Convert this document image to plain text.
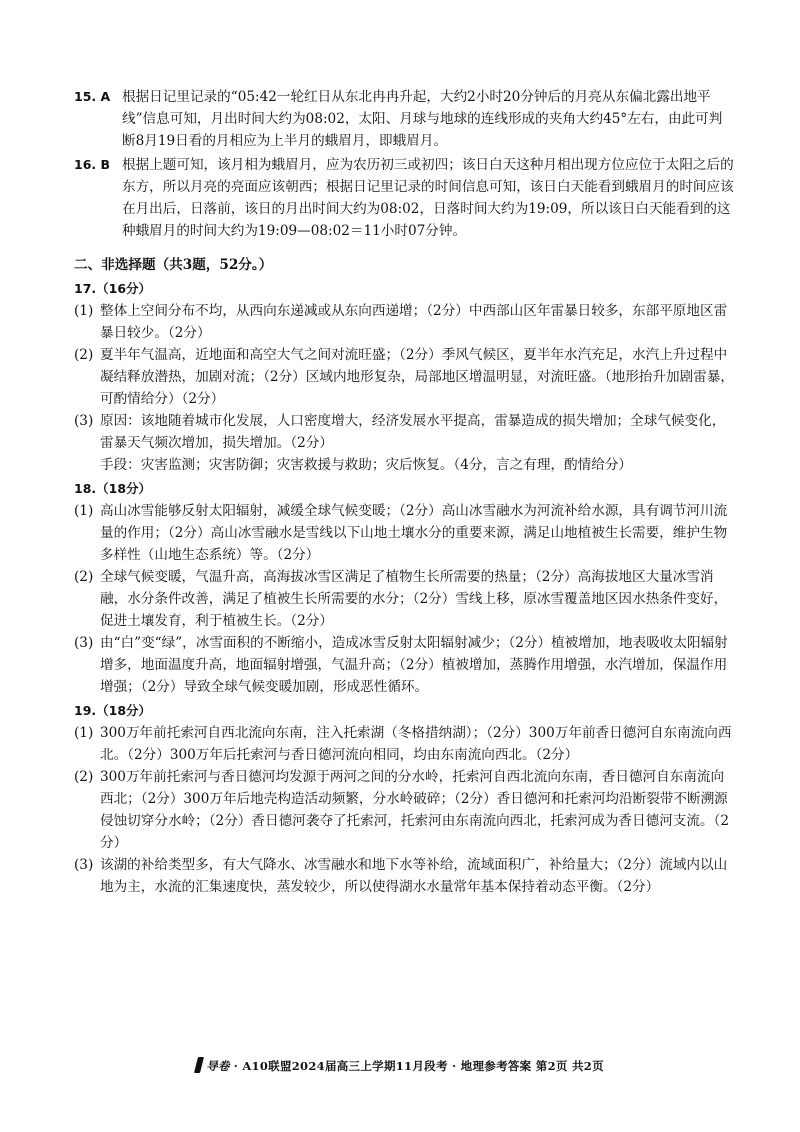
15. A 根据日记里记录的“05:42一轮红日从东北冉冉升起，大约2小时20分钟后的月亮从东偏北露出地平线”信息可知，月出时间大约为08:02，太阳、月球与地球的连线形成的夹角大约45°左右，由此可判断8月19日看的月相应为上半月的蛾眉月，即蛾眉月。
16. B 根据上题可知，该月相为蛾眉月，应为农历初三或初四；该日白天这种月相出现方位应位于太阳之后的东方，所以月亮的亮面应该朝西；根据日记里记录的时间信息可知，该日白天能看到蛾眉月的时间应该在月出后，日落前，该日的月出时间大约为08:02，日落时间大约为19:09，所以该日白天能看到的这种蛾眉月的时间大约为19:09—08:02＝11小时07分钟。
二、非选择题（共3题，52分。）
17.（16分）
(1) 整体上空间分布不均，从西向东递减或从东向西递增；（2分）中西部山区年雷暴日较多，东部平原地区雷暴日较少。（2分）
(2) 夏半年气温高，近地面和高空大气之间对流旺盛；（2分）季风气候区，夏半年水汽充足，水汽上升过程中凝结释放潜热，加剧对流；（2分）区域内地形复杂，局部地区增温明显，对流旺盛。（地形抬升加剧雷暴，可酌情给分）（2分）
(3) 原因：该地随着城市化发展，人口密度增大，经济发展水平提高，雷暴造成的损失增加；全球气候变化，雷暴天气频次增加，损失增加。（2分）
手段：灾害监测；灾害防御；灾害救援与救助；灾后恢复。（4分，言之有理，酌情给分）
18.（18分）
(1) 高山冰雪能够反射太阳辐射，减缓全球气候变暖；（2分）高山冰雪融水为河流补给水源，具有调节河川流量的作用；（2分）高山冰雪融水是雪线以下山地土壤水分的重要来源，满足山地植被生长需要，维护生物多样性（山地生态系统）等。（2分）
(2) 全球气候变暖，气温升高，高海拔冰雪区满足了植物生长所需要的热量；（2分）高海拔地区大量冰雪消融，水分条件改善，满足了植被生长所需要的水分；（2分）雪线上移，原冰雪覆盖地区因水热条件变好，促进土壤发育，利于植被生长。（2分）
(3) 由“白”变“绿”，冰雪面积的不断缩小，造成冰雪反射太阳辐射减少；（2分）植被增加，地表吸收太阳辐射增多，地面温度升高，地面辐射增强，气温升高；（2分）植被增加，蒸腾作用增强，水汽增加，保温作用增强；（2分）导致全球气候变暖加剧，形成恶性循环。
19.（18分）
(1) 300万年前托索河自西北流向东南，注入托索湖（冬格措纳湖）；（2分）300万年前香日德河自东南流向西北。（2分）300万年后托索河与香日德河流向相同，均由东南流向西北。（2分）
(2) 300万年前托索河与香日德河均发源于两河之间的分水岭，托索河自西北流向东南，香日德河自东南流向西北；（2分）300万年后地壳构造活动频繁，分水岭破碎；（2分）香日德河和托索河均沿断裂带不断溯源侵蚀切穿分水岭；（2分）香日德河袭夺了托索河，托索河由东南流向西北，托索河成为香日德河支流。（2分）
(3) 该湖的补给类型多，有大气降水、冰雪融水和地下水等补给，流域面积广，补给量大；（2分）流域内以山地为主，水流的汇集速度快，蒸发较少，所以使得湖水水量常年基本保持着动态平衡。（2分）
导卷 · A10联盟2024届高三上学期11月段考 · 地理参考答案 第2页 共2页
